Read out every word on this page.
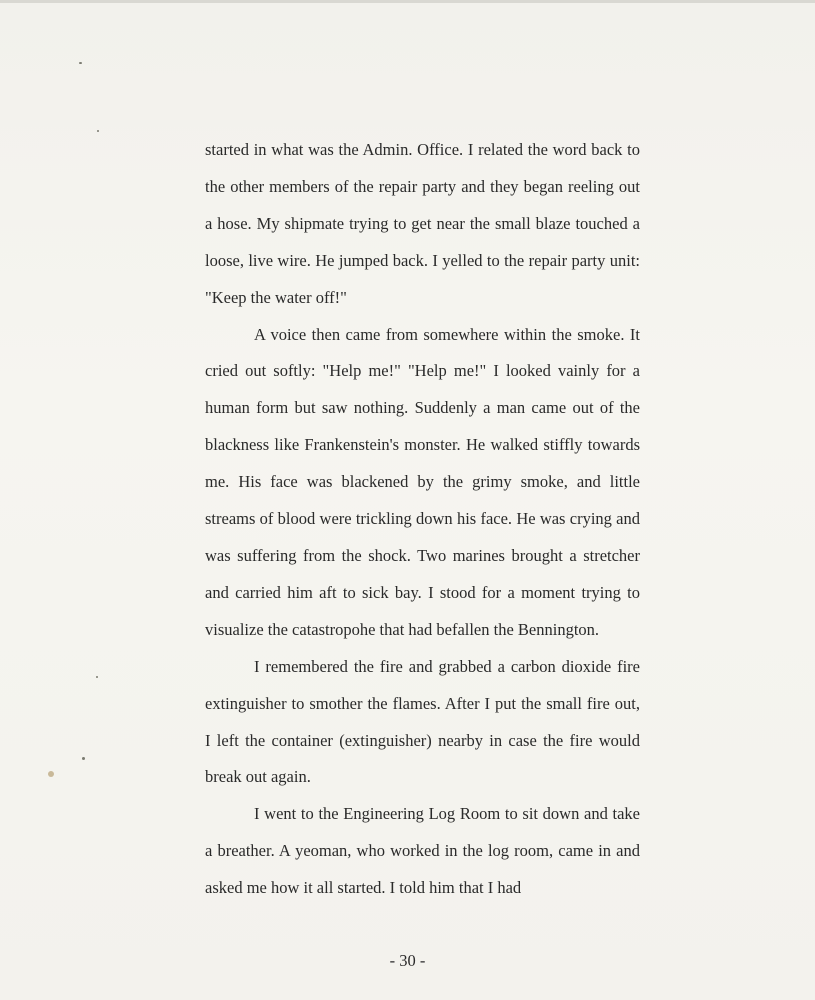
started in what was the Admin. Office. I related the word back to the other members of the repair party and they began reeling out a hose. My shipmate trying to get near the small blaze touched a loose, live wire. He jumped back. I yelled to the repair party unit: "Keep the water off!"

A voice then came from somewhere within the smoke. It cried out softly: "Help me!" "Help me!" I looked vainly for a human form but saw nothing. Suddenly a man came out of the blackness like Frankenstein's monster. He walked stiffly towards me. His face was blackened by the grimy smoke, and little streams of blood were trickling down his face. He was crying and was suffering from the shock. Two marines brought a stretcher and carried him aft to sick bay. I stood for a moment trying to visualize the catastropohe that had befallen the Bennington.

I remembered the fire and grabbed a carbon dioxide fire extinguisher to smother the flames. After I put the small fire out, I left the container (extinguisher) nearby in case the fire would break out again.

I went to the Engineering Log Room to sit down and take a breather. A yeoman, who worked in the log room, came in and asked me how it all started. I told him that I had

- 30 -
